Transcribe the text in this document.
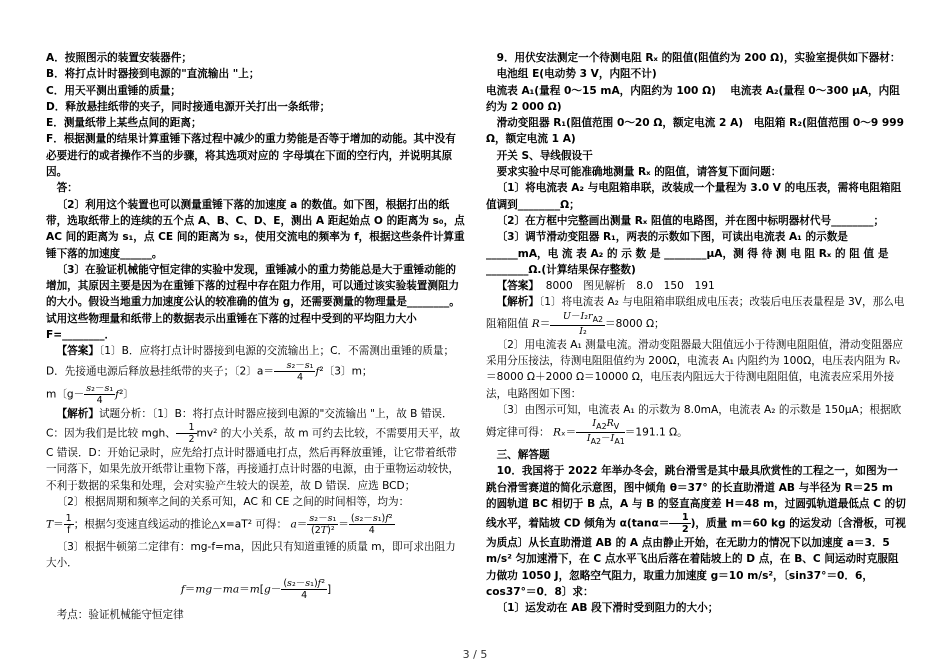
A．按照图示的装置安装器件；

B．将打点计时器接到电源的"直流输出 "上；

C．用天平测出重锤的质量；

D．释放悬挂纸带的夹子，同时接通电源开关打出一条纸带；

E．测量纸带上某些点间的距离；

F．根据测量的结果计算重锤下落过程中减少的重力势能是否等于增加的动能。其中没有必要进行的或者操作不当的步骤，将其选项对应的 字母填在下面的空行内，并说明其原因。

答：

〔2〕利用这个装置也可以测量重锤下落的加速度 a 的数值。如下图，根据打出的纸带，选取纸带上的连续的五个点 A、B、C、D、E，测出 A 距起始点 O 的距离为 s₀，点 AC 间的距离为 s₁，点 CE 间的距离为 s₂，使用交流电的频率为 f，根据这些条件计算重锤下落的加速度______。

〔3〕在验证机械能守恒定律的实验中发现，重锤减小的重力势能总是大于重锤动能的增加，其原因主要是因为在重锤下落的过程中存在阻力作用，可以通过该实验装置测阻力的大小。假设当地重力加速度公认的较准确的值为 g，还需要测量的物理量是________。试用这些物理量和纸带上的数据表示出重锤在下落的过程中受到的平均阻力大小 F=________．

【答案】〔1〕B．应将打点计时器接到电源的交流输出上；C．不需测出重锤的质量； D．先接通电源后释放悬挂纸带的夹子；〔2〕$a= \frac{\text{s₂－s₁}}{4} f^2$〔3〕m；

m〔$g- \frac{\text{s₂－s₁}}{4} f^2$〕

【解析】试题分析：〔1〕B：将打点计时器应接到电源的"交流输出 "上，故 B 错误．C：因为我们是比较 mgh、 $\frac{1}{2} mv^2$ 的大小关系，故 m 可约去比较，不需要用天平，故 C 错误．D：开始记录时，应先给打点计时器通电打点，然后再释放重锤，让它带着纸带一同落下，如果先放开纸带让重物下落，再接通打点计时器的电源，由于重物运动较快，不利于数据的采集和处理，会对实验产生较大的误差，故 D 错误．应选 BCD；

〔2〕根据周期和频率之间的关系可知，AC 和 CE 之间的时间相等，均为：

$T= \frac{1}{f}$ ；根据匀变速直线运动的推论△x=aT² 可得： $a= \frac{\text{s₂－s₁}}{\text{(2T)²}} = \frac{\text{(s₂－s₁)f²}}{4}$

〔3〕根据牛顿第二定律有：mg-f=ma，因此只有知道重锤的质量 m，即可求出阻力大小．

$f=mg-ma=m[g- \frac{\text{(s₂－s₁)f²}}{4}$ ]

考点：验证机械能守恒定律

9．用伏安法测定一个待测电阻 Rₓ 的阻值(阻值约为 200 Ω)，实验室提供如下器材：

电池组 E(电动势 3 V，内阻不计)

电流表 A₁(量程 0～15 mA，内阻约为 100 Ω)　 电流表 A₂(量程 0～300 μA，内阻约为 2 000 Ω)

滑动变阻器 R₁(阻值范围 0～20 Ω，额定电流 2 A)　电阻箱 R₂(阻值范围 0～9 999 Ω，额定电流 1 A)

开关 S、导线假设干

要求实验中尽可能准确地测量 Rₓ 的阻值，请答复下面问题：

〔1〕将电流表 A₂ 与电阻箱串联，改装成一个量程为 3.0 V 的电压表，需将电阻箱阻值调到________Ω；

〔2〕在方框中完整画出测量 Rₓ 阻值的电路图，并在图中标明器材代号________；

〔3〕调节滑动变阻器 R₁，两表的示数如下图，可读出电流表 A₁ 的示数是______mA，电 流 表 A₂ 的 示 数 是 ________μA，测 得 待 测 电 阻 Rₓ 的 阻 值 是________Ω.(计算结果保存整数)

【答案】 8000　图见解析　8.0　150　191

【解析】〔1〕将电流表 A₂ 与电阻箱串联组成电压表；改装后电压表量程是 3V，那么电阻箱阻值 $R= \frac{U-I_2r_{A2}}{\text{I₂}} =8000$ Ω；

〔2〕用电流表 A₁ 测量电流。滑动变阻器最大阻值远小于待测电阻阻值，滑动变阻器应采用分压接法，待测电阻阻值约为 200Ω，电流表 A₁ 内阻约为 100Ω，电压表内阻为 Rᵥ＝8000 Ω＋2000 Ω＝10000 Ω，电压表内阻远大于待测电阻阻值，电流表应采用外接法，电路图如下图：

〔3〕由图示可知，电流表 A₁ 的示数为 8.0mA，电流表 A₂ 的示数是 150μA；根据欧姆定律可得： $R_x= \frac{I_{A2}R_V}{I_{A2}-I_{A1}} =191.1$ Ω。

三、解答题

10．我国将于 2022 年举办冬会，跳台滑雪是其中最具欣赏性的工程之一，如图为一跳台滑雪赛道的简化示意图，图中倾角 θ＝37° 的长直助滑道 AB 与半径为 R＝25 m 的圆轨道 BC 相切于 B 点，A 与 B 的竖直高度差 H＝48 m，过圆弧轨道最低点 C 的切线水平，着陆坡 CD 倾角为 $\alpha(\tan\alpha= \frac{1}{2}$ )，质量 m＝60 kg 的运发动〔含滑板，可视为质点〕从长直助滑道 AB 的 A 点由静止开始，在无助力的情况下以加速度 a＝3．5 m/s² 匀加速滑下，在 C 点水平飞出后落在着陆坡上的 D 点，在 B、C 间运动时克服阻力做功 1050 J，忽略空气阻力，取重力加速度 g＝10 m/s²，〔sin37°＝0．6，cos37°＝0．8〕求：

〔1〕运发动在 AB 段下滑时受到阻力的大小；

3 / 5
